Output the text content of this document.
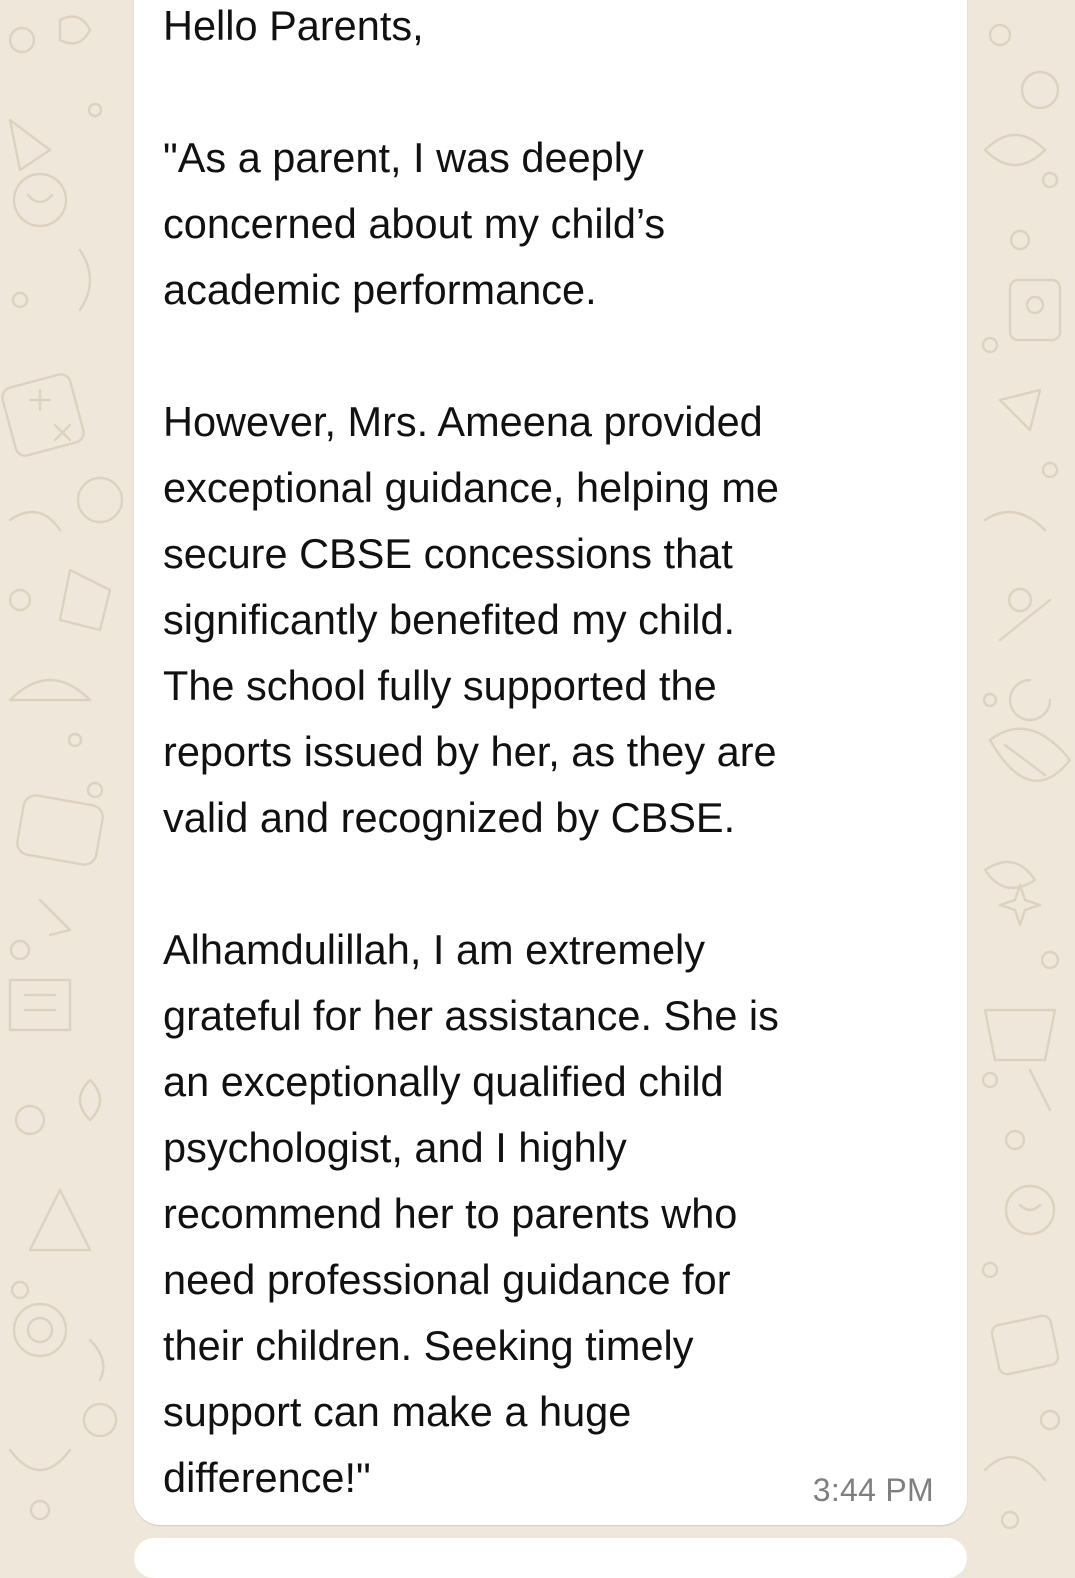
Hello Parents,

"As a parent, I was deeply
concerned about my child’s
academic performance.

However, Mrs. Ameena provided
exceptional guidance, helping me
secure CBSE concessions that
significantly benefited my child.
The school fully supported the
reports issued by her, as they are
valid and recognized by CBSE.

Alhamdulillah, I am extremely
grateful for her assistance. She is
an exceptionally qualified child
psychologist, and I highly
recommend her to parents who
need professional guidance for
their children. Seeking timely
support can make a huge
difference!"	3:44 PM
